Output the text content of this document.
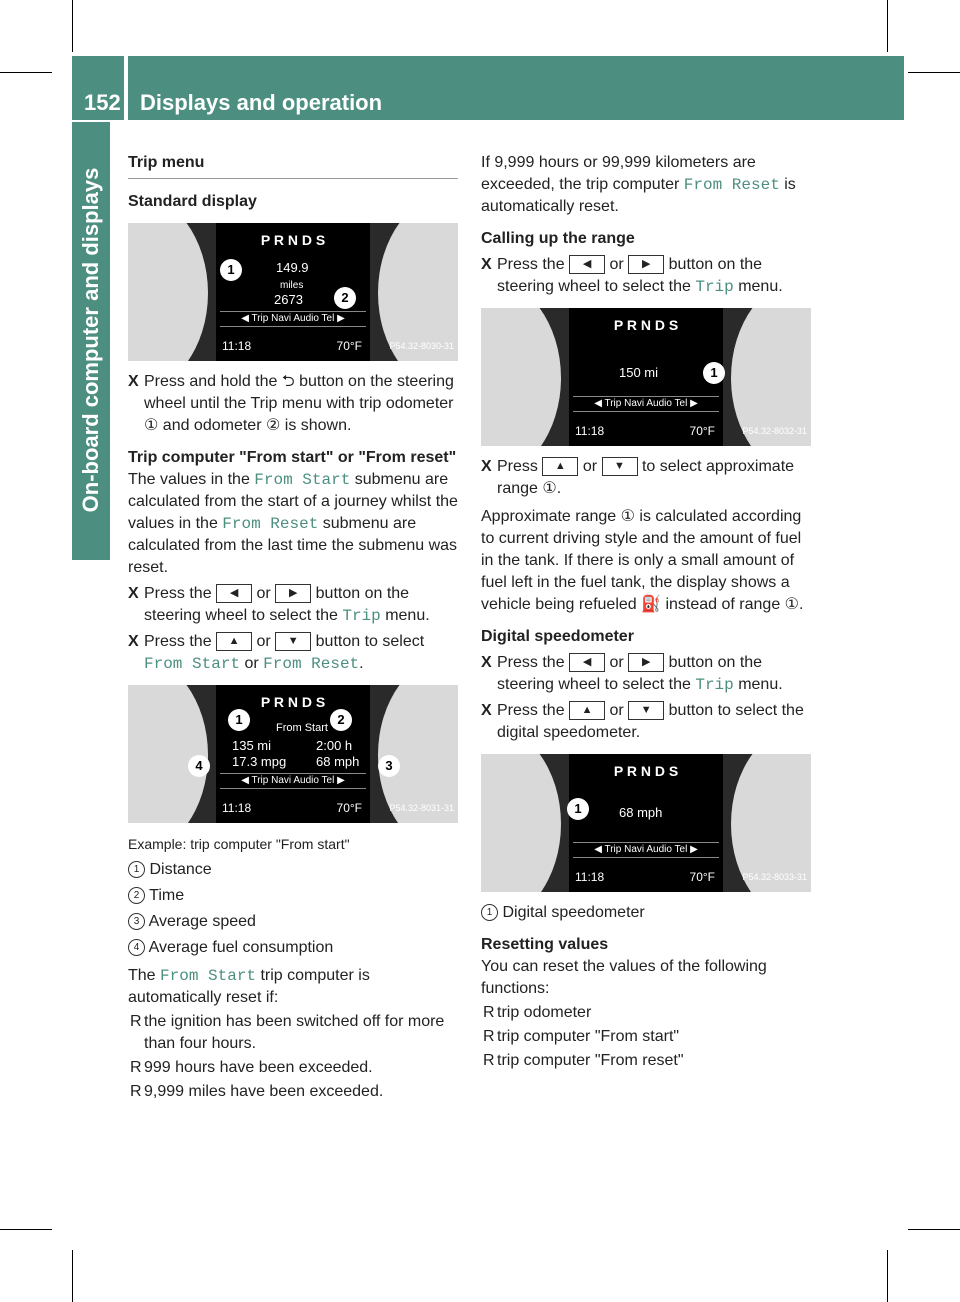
152 Displays and operation
On-board computer and displays
Trip menu
Standard display
P R N D S
149.9
miles
2673
◀ Trip Navi Audio Tel ▶
11:18	70°F
1
2
P54.32-8030-31
X Press and hold the ⮌ button on the steering wheel until the Trip menu with trip odometer ① and odometer ② is shown.
Trip computer "From start" or "From reset"

The values in the From Start submenu are calculated from the start of a journey whilst the values in the From Reset submenu are calculated from the last time the submenu was reset.

X Press the ◀ or ▶ button on the steering wheel to select the Trip menu.
X Press the ▲ or ▼ button to select From Start or From Reset.
P R N D S
From Start
135 mi	2:00 h
17.3 mpg 68 mph
◀ Trip Navi Audio Tel ▶
11:18	70°F
1	2
3
4
P54.32-8031-31
Example: trip computer "From start"
1 Distance
2 Time
3 Average speed
4 Average fuel consumption

The From Start trip computer is automatically reset if:

R the ignition has been switched off for more than four hours.
R 999 hours have been exceeded.
R 9,999 miles have been exceeded.

If 9,999 hours or 99,999 kilometers are exceeded, the trip computer From Reset is automatically reset.

Calling up the range
X Press the ◀ or ▶ button on the steering wheel to select the Trip menu.
P R N D S
150 mi
◀ Trip Navi Audio Tel ▶
11:18	70°F
1
P54.32-8032-31
X Press ▲ or ▼ to select approximate range ①.

Approximate range ① is calculated according to current driving style and the amount of fuel in the tank. If there is only a small amount of fuel left in the fuel tank, the display shows a vehicle being refueled ⛽ instead of range ①.

Digital speedometer
X Press the ◀ or ▶ button on the steering wheel to select the Trip menu.
X Press the ▲ or ▼ button to select the digital speedometer.
P R N D S
68 mph
◀ Trip Navi Audio Tel ▶
11:18	70°F
1
P54.32-8033-31
1 Digital speedometer
Resetting values

You can reset the values of the following functions:

R trip odometer
R trip computer "From start"
R trip computer "From reset"
